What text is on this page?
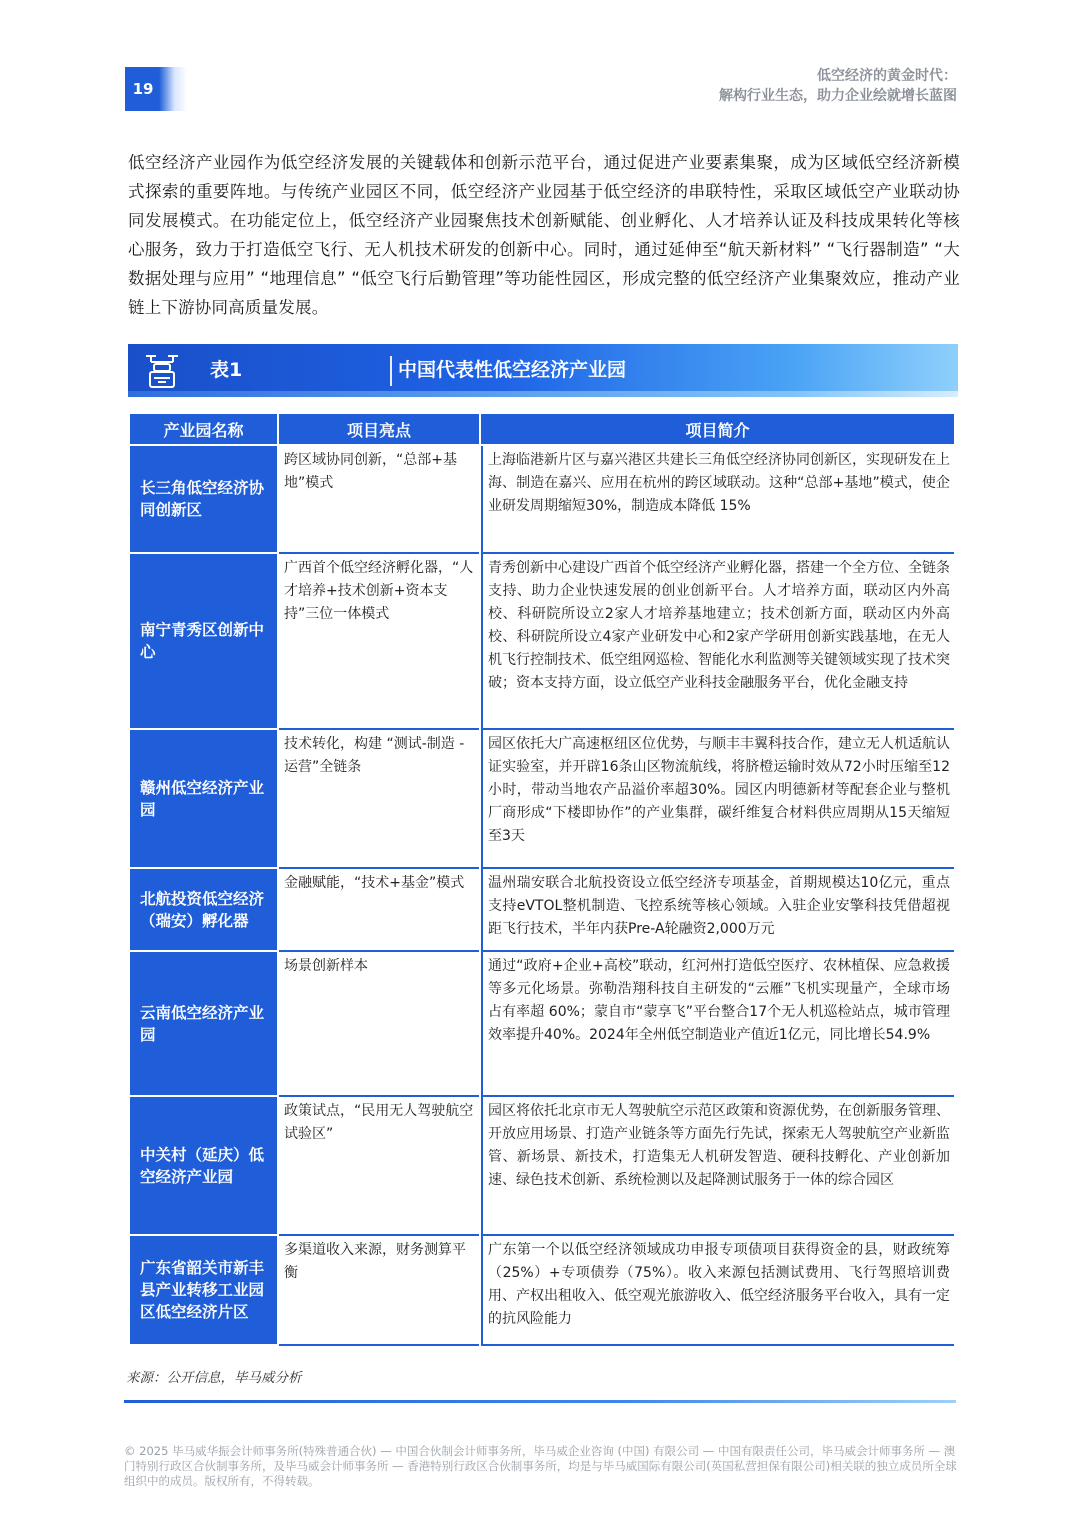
19
低空经济的黄金时代：
解构行业生态，助力企业绘就增长蓝图

低空经济产业园作为低空经济发展的关键载体和创新示范平台，通过促进产业要素集聚，成为区域低空经济新模式探索的重要阵地。与传统产业园区不同，低空经济产业园基于低空经济的串联特性，采取区域低空产业联动协同发展模式。在功能定位上，低空经济产业园聚焦技术创新赋能、创业孵化、人才培养认证及科技成果转化等核心服务，致力于打造低空飞行、无人机技术研发的创新中心。同时，通过延伸至“航天新材料” “飞行器制造” “大数据处理与应用” “地理信息” “低空飞行后勤管理”等功能性园区，形成完整的低空经济产业集聚效应，推动产业链上下游协同高质量发展。

表1	中国代表性低空经济产业园
产业园名称	项目亮点	项目简介
长三角低空经济协同创新区	跨区域协同创新，“总部+基地”模式	上海临港新片区与嘉兴港区共建长三角低空经济协同创新区，实现研发在上海、制造在嘉兴、应用在杭州的跨区域联动。这种“总部+基地”模式，使企业研发周期缩短30%，制造成本降低 15%
南宁青秀区创新中心	广西首个低空经济孵化器，“人才培养+技术创新+资本支持”三位一体模式	青秀创新中心建设广西首个低空经济产业孵化器，搭建一个全方位、全链条支持、助力企业快速发展的创业创新平台。人才培养方面，联动区内外高校、科研院所设立2家人才培养基地建立；技术创新方面，联动区内外高校、科研院所设立4家产业研发中心和2家产学研用创新实践基地，在无人机飞行控制技术、低空组网巡检、智能化水利监测等关键领域实现了技术突破；资本支持方面，设立低空产业科技金融服务平台，优化金融支持
赣州低空经济产业园	技术转化，构建 “测试-制造 - 运营”全链条	园区依托大广高速枢纽区位优势，与顺丰丰翼科技合作，建立无人机适航认证实验室，并开辟16条山区物流航线，将脐橙运输时效从72小时压缩至12小时，带动当地农产品溢价率超30%。园区内明德新材等配套企业与整机厂商形成“下楼即协作”的产业集群，碳纤维复合材料供应周期从15天缩短至3天
北航投资低空经济（瑞安）孵化器	金融赋能，“技术+基金”模式	温州瑞安联合北航投资设立低空经济专项基金，首期规模达10亿元，重点支持eVTOL整机制造、飞控系统等核心领域。入驻企业安擎科技凭借超视距飞行技术，半年内获Pre-A轮融资2,000万元
云南低空经济产业园	场景创新样本	通过“政府+企业+高校”联动，红河州打造低空医疗、农林植保、应急救援等多元化场景。弥勒浩翔科技自主研发的“云雁”飞机实现量产，全球市场占有率超 60%；蒙自市“蒙享飞”平台整合17个无人机巡检站点，城市管理效率提升40%。2024年全州低空制造业产值近1亿元，同比增长54.9%
中关村（延庆）低空经济产业园	政策试点，“民用无人驾驶航空试验区”	园区将依托北京市无人驾驶航空示范区政策和资源优势，在创新服务管理、开放应用场景、打造产业链条等方面先行先试，探索无人驾驶航空产业新监管、新场景、新技术，打造集无人机研发智造、硬科技孵化、产业创新加速、绿色技术创新、系统检测以及起降测试服务于一体的综合园区
广东省韶关市新丰县产业转移工业园区低空经济片区	多渠道收入来源，财务测算平衡	广东第一个以低空经济领域成功申报专项债项目获得资金的县，财政统筹（25%）+专项债券（75%）。收入来源包括测试费用、飞行驾照培训费用、产权出租收入、低空观光旅游收入、低空经济服务平台收入，具有一定的抗风险能力
来源：公开信息，毕马威分析
© 2025 毕马威华振会计师事务所(特殊普通合伙) — 中国合伙制会计师事务所，毕马威企业咨询 (中国) 有限公司 — 中国有限责任公司，毕马威会计师事务所 — 澳门特别行政区合伙制事务所，及毕马威会计师事务所 — 香港特别行政区合伙制事务所，均是与毕马威国际有限公司(英国私营担保有限公司)相关联的独立成员所全球组织中的成员。版权所有，不得转载。
